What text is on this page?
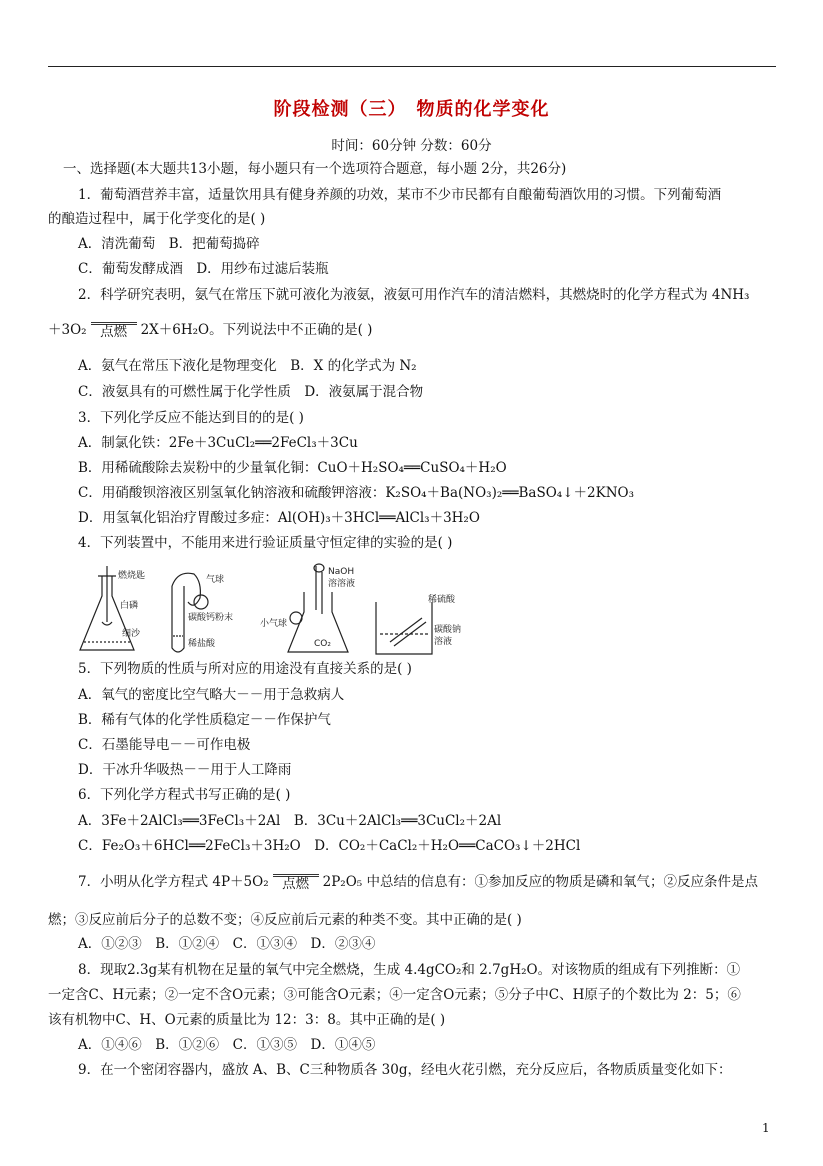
阶段检测（三）　物质的化学变化
时间：60分钟 分数：60分
一、选择题(本大题共13小题，每小题只有一个选项符合题意，每小题 2分，共26分)
1．葡萄酒营养丰富，适量饮用具有健身养颜的功效，某市不少市民都有自酿葡萄酒饮用的习惯。下列葡萄酒
的酿造过程中，属于化学变化的是( )
A．清洗葡萄　B．把葡萄捣碎
C．葡萄发酵成酒　D．用纱布过滤后装瓶
2．科学研究表明，氨气在常压下就可液化为液氨，液氨可用作汽车的清洁燃料，其燃烧时的化学方程式为 4NH₃
＋3O₂ 点燃 2X＋6H₂O。下列说法中不正确的是( )
A．氨气在常压下液化是物理变化　B．X 的化学式为 N₂
C．液氨具有的可燃性属于化学性质　D．液氨属于混合物
3．下列化学反应不能达到目的的是( )
A．制氯化铁：2Fe＋3CuCl₂══2FeCl₃＋3Cu
B．用稀硫酸除去炭粉中的少量氧化铜：CuO＋H₂SO₄══CuSO₄＋H₂O
C．用硝酸钡溶液区别氢氧化钠溶液和硫酸钾溶液：K₂SO₄＋Ba(NO₃)₂══BaSO₄↓＋2KNO₃
D．用氢氧化铝治疗胃酸过多症：Al(OH)₃＋3HCl══AlCl₃＋3H₂O
4．下列装置中，不能用来进行验证质量守恒定律的实验的是( )
燃烧匙
白磷
细沙
气球
碳酸钙粉末
稀盐酸
NaOH
溶溶液
小气球
CO₂
稀硫酸
碳酸钠
溶液
5．下列物质的性质与所对应的用途没有直接关系的是( )
A．氧气的密度比空气略大－－用于急救病人
B．稀有气体的化学性质稳定－－作保护气
C．石墨能导电－－可作电极
D．干冰升华吸热－－用于人工降雨
6．下列化学方程式书写正确的是( )
A．3Fe＋2AlCl₃══3FeCl₃＋2Al　B．3Cu＋2AlCl₃══3CuCl₂＋2Al
C．Fe₂O₃＋6HCl══2FeCl₃＋3H₂O　D．CO₂＋CaCl₂＋H₂O══CaCO₃↓＋2HCl
7．小明从化学方程式 4P＋5O₂ 点燃 2P₂O₅ 中总结的信息有：①参加反应的物质是磷和氧气；②反应条件是点
燃；③反应前后分子的总数不变；④反应前后元素的种类不变。其中正确的是( )
A．①②③　B．①②④　C．①③④　D．②③④
8．现取2.3g某有机物在足量的氧气中完全燃烧，生成 4.4gCO₂和 2.7gH₂O。对该物质的组成有下列推断：①
一定含C、H元素；②一定不含O元素；③可能含O元素；④一定含O元素；⑤分子中C、H原子的个数比为 2：5；⑥
该有机物中C、H、O元素的质量比为 12：3：8。其中正确的是( )
A．①④⑥　B．①②⑥　C．①③⑤　D．①④⑤
9．在一个密闭容器内，盛放 A、B、C三种物质各 30g，经电火花引燃，充分反应后，各物质质量变化如下：
1
